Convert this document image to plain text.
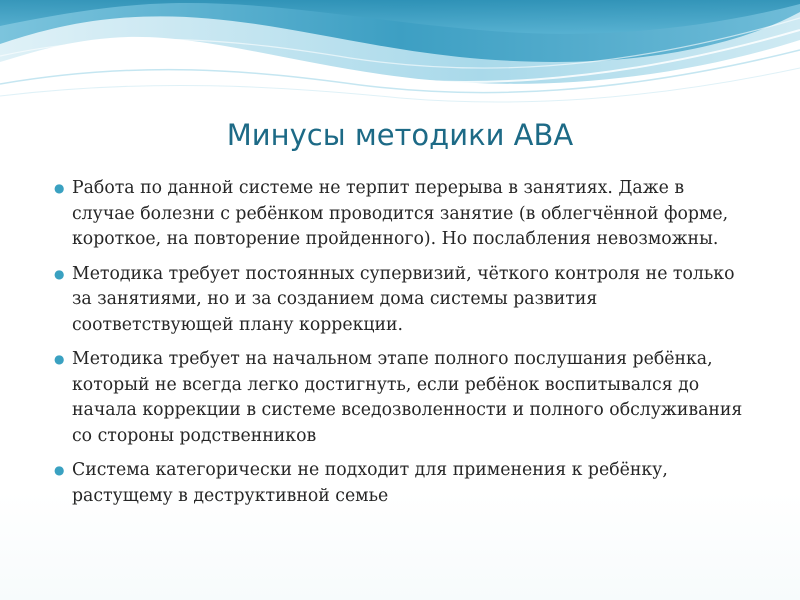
Минусы методики АВА
● Работа по данной системе не терпит перерыва в занятиях. Даже в случае болезни с ребёнком проводится занятие (в облегчённой форме, короткое, на повторение пройденного). Но послабления невозможны.
● Методика требует постоянных супервизий, чёткого контроля не только за занятиями, но и за созданием дома системы развития соответствующей плану коррекции.
● Методика требует на начальном этапе полного послушания ребёнка, который не всегда легко достигнуть, если ребёнок воспитывался до начала коррекции в системе вседозволенности и полного обслуживания со стороны родственников
● Система категорически не подходит для применения к ребёнку, растущему в деструктивной семье
